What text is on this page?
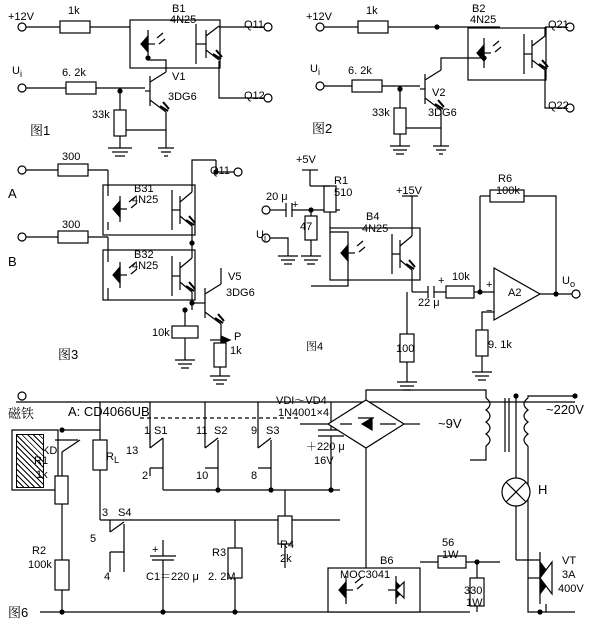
+12V	1k	B1
4N25	Q11
Q12
$U_i$	6. 2k	V1
3DG6
33k
图1
+12V	1k	B2
4N25	Q21
Q22
$U_i$	6. 2k
V2
3DG6
33k
图2
300
B31
4N25
Q11
A
300
B32
4N25
B
V5
3DG6
10k	P
1k
图3
+5V
R1
510	+15V
20 μ
47
$U_i$
B4
4N25
R6
100k
10k
22 μ
A2
$U_o$
100	9. 1k
图4
+
−
+
+
磁铁	A: CD4066UB
KD	$R_L$
R1
1k
13
1 S1	11 S2 9 S3
2	10	8
3 S4
5
4
R2
100k
C1＝220 μ
+	R3
2. 2M
R4
2k
VDI～VD4
1N4001×4
＋220 μ
16V
~9V
~220V
H
B6
MOC3041
56
1W
330
1W
VT
3A
400V
图6
